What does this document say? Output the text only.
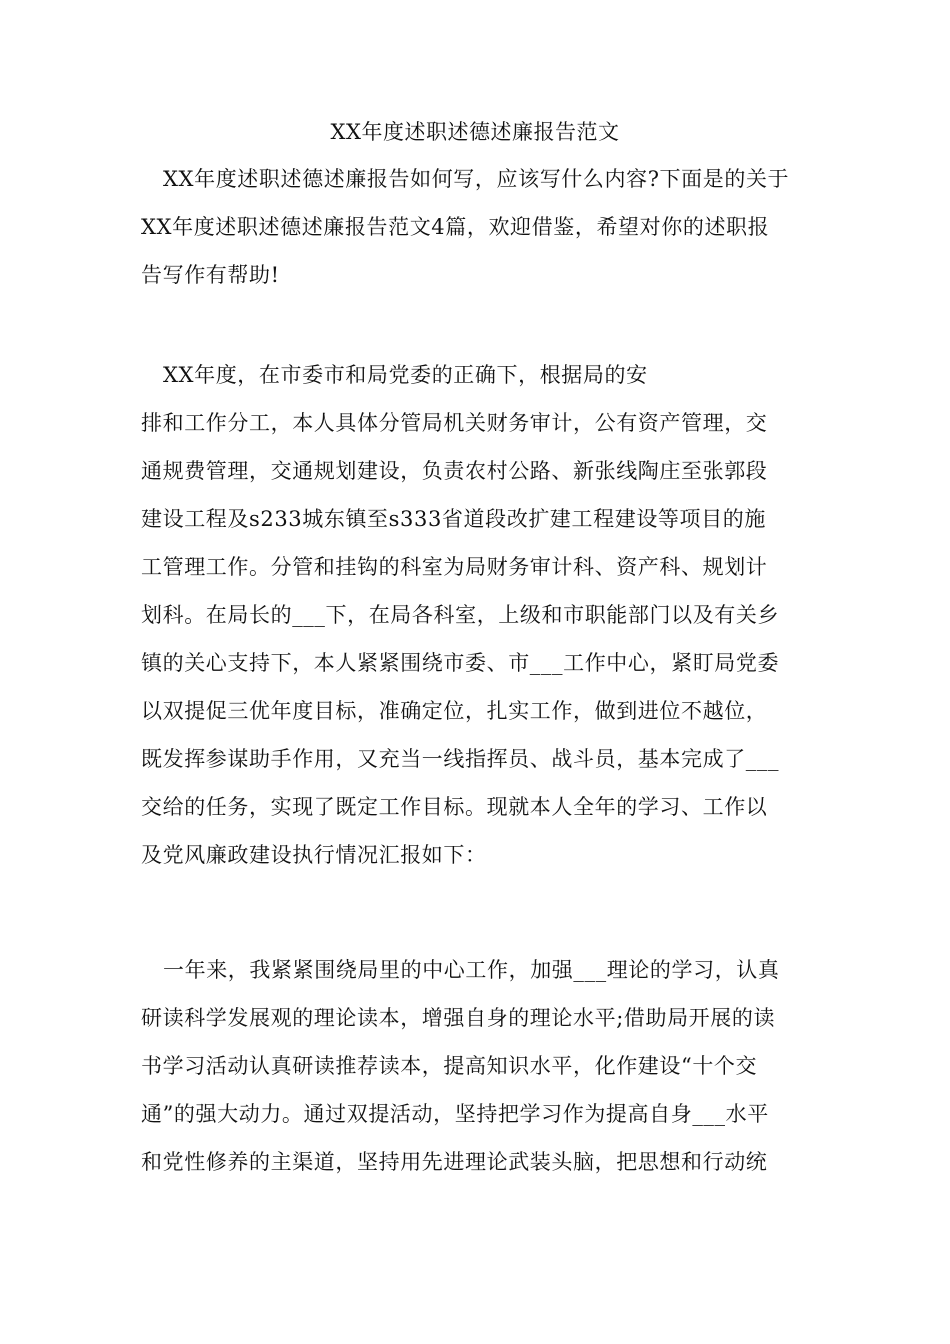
XX年度述职述德述廉报告范文
XX年度述职述德述廉报告如何写，应该写什么内容?下面是的关于
XX年度述职述德述廉报告范文4篇，欢迎借鉴，希望对你的述职报
告写作有帮助!
XX年度，在市委市和局党委的正确下，根据局的安
排和工作分工，本人具体分管局机关财务审计，公有资产管理，交
通规费管理，交通规划建设，负责农村公路、新张线陶庄至张郭段
建设工程及s233城东镇至s333省道段改扩建工程建设等项目的施
工管理工作。分管和挂钩的科室为局财务审计科、资产科、规划计
划科。在局长的___下，在局各科室，上级和市职能部门以及有关乡
镇的关心支持下，本人紧紧围绕市委、市___工作中心，紧盯局党委
以双提促三优年度目标，准确定位，扎实工作，做到进位不越位，
既发挥参谋助手作用，又充当一线指挥员、战斗员，基本完成了___
交给的任务，实现了既定工作目标。现就本人全年的学习、工作以
及党风廉政建设执行情况汇报如下：
一年来，我紧紧围绕局里的中心工作，加强___理论的学习，认真
研读科学发展观的理论读本，增强自身的理论水平;借助局开展的读
书学习活动认真研读推荐读本，提高知识水平，化作建设“十个交
通”的强大动力。通过双提活动，坚持把学习作为提高自身___水平
和党性修养的主渠道，坚持用先进理论武装头脑，把思想和行动统
